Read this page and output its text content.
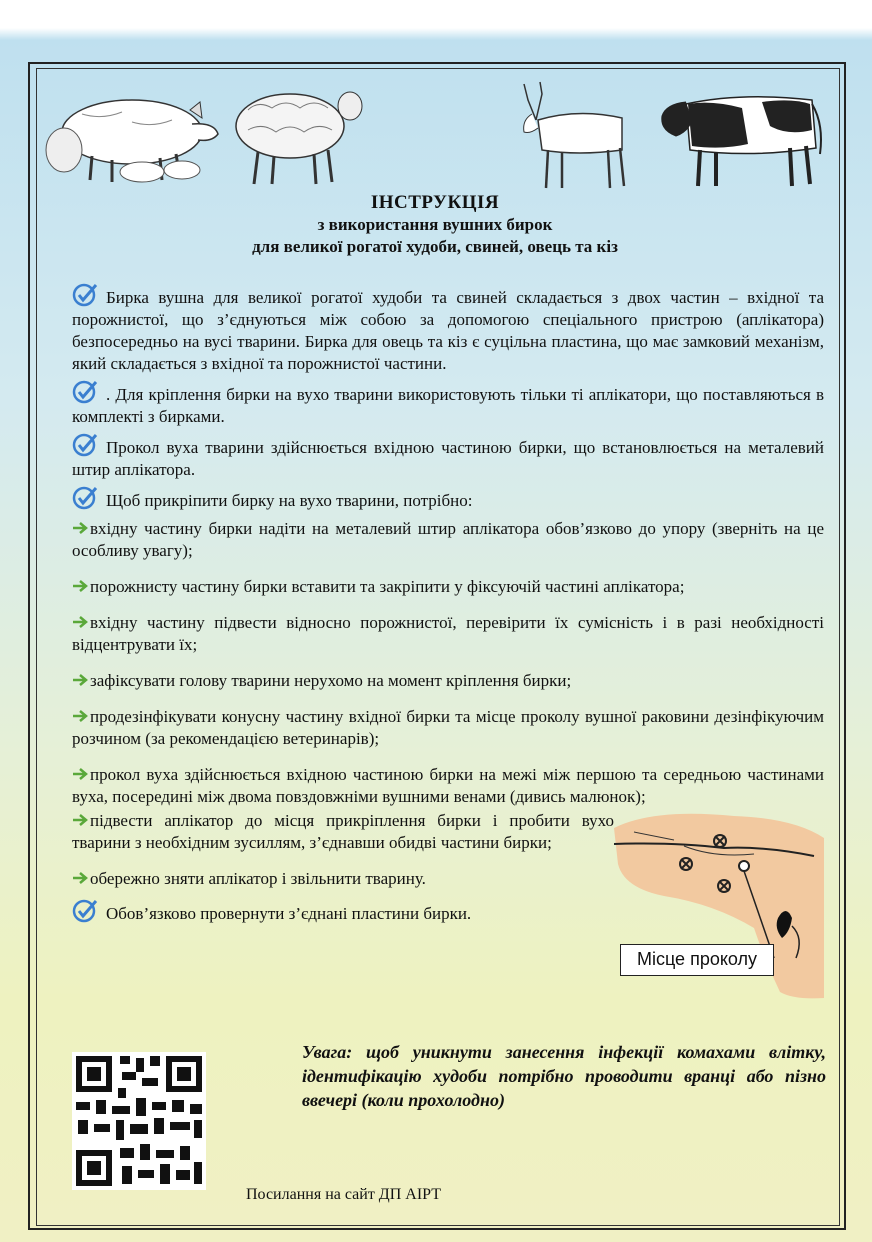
ІНСТРУКЦІЯ
з використання вушних бирок
для великої рогатої худоби, свиней, овець та кіз
Бирка вушна для великої рогатої худоби та свиней складається з двох частин – вхідної та порожнистої, що з’єднуються між собою за допомогою спеціального пристрою (аплікатора) безпосередньо на вусі тварини. Бирка для овець та кіз є суцільна пластина, що має замковий механізм, який складається з вхідної та порожнистої частини.
. Для кріплення бирки на вухо тварини використовують тільки ті аплікатори, що поставляються в комплекті з бирками.
Прокол вуха тварини здійснюється вхідною частиною бирки, що встановлюється на металевий штир аплікатора.
Щоб прикріпити бирку на вухо тварини, потрібно:
вхідну частину бирки надіти на металевий штир аплікатора обов’язково до упору (зверніть на це особливу увагу);
порожнисту частину бирки вставити та закріпити у фіксуючій частині аплікатора;
вхідну частину підвести відносно порожнистої, перевірити їх сумісність і в разі необхідності відцентрувати їх;
зафіксувати голову тварини нерухомо на момент кріплення бирки;
продезінфікувати конусну частину вхідної бирки та місце проколу вушної раковини дезінфікуючим розчином (за рекомендацією ветеринарів);
прокол вуха здійснюється вхідною частиною бирки на межі між першою та середньою частинами вуха, посередині між двома повздовжніми вушними венами (дивись малюнок);
підвести аплікатор до місця прикріплення бирки і пробити вухо тварини з необхідним зусиллям, з’єднавши обидві частини бирки;
обережно зняти аплікатор і звільнити тварину.
Обов’язково провернути з’єднані пластини бирки.
Місце проколу
Увага: щоб уникнути занесення інфекції комахами влітку, ідентифікацію худоби потрібно проводити вранці або пізно ввечері (коли прохолодно)
Посилання на сайт ДП АІРТ
